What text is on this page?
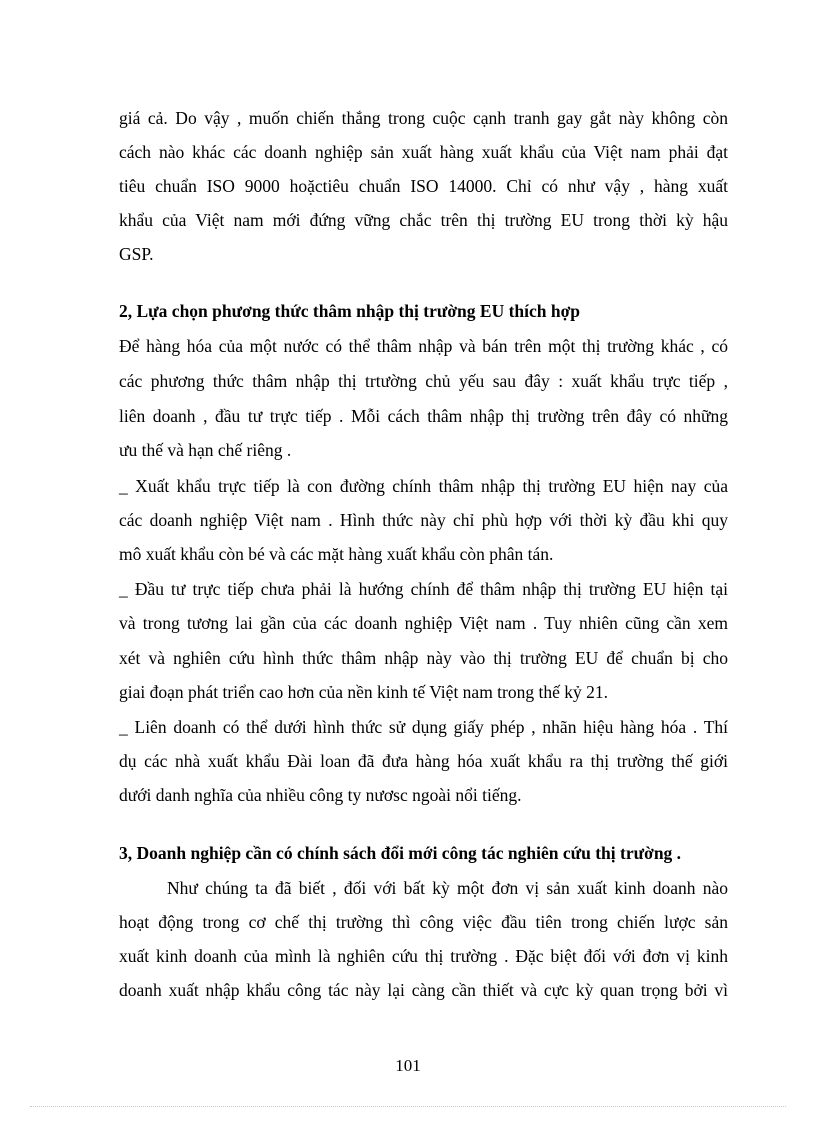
giá cả. Do vậy , muốn chiến thắng trong cuộc cạnh tranh gay gắt này không còn
cách nào khác các doanh nghiệp sản xuất hàng xuất khẩu của Việt nam phải đạt
tiêu chuẩn ISO 9000 hoặctiêu chuẩn ISO 14000. Chỉ có như vậy , hàng xuất
khẩu của Việt nam mới đứng vững chắc trên thị trường EU trong thời kỳ hậu
GSP.
2, Lựa chọn phương thức thâm nhập thị trường EU thích hợp
Để hàng hóa của một nước có thể thâm nhập và bán trên một thị trường khác , có
các phương thức thâm nhập thị trtường chủ yếu sau đây : xuất khẩu trực tiếp ,
liên doanh , đầu tư trực tiếp . Mỗi cách thâm nhập thị trường trên đây có những
ưu thế và hạn chế riêng .
_ Xuất khẩu trực tiếp là con đường chính thâm nhập thị trường EU hiện nay của
các doanh nghiệp Việt nam . Hình thức này chỉ phù hợp với thời kỳ đầu khi quy
mô xuất khẩu còn bé và các mặt hàng xuất khẩu còn phân tán.
_ Đầu tư trực tiếp chưa phải là hướng chính để thâm nhập thị trường EU hiện tại
và trong tương lai gần của các doanh nghiệp Việt nam . Tuy nhiên cũng cần xem
xét và nghiên cứu hình thức thâm nhập này vào thị trường EU để chuẩn bị cho
giai đoạn phát triển cao hơn của nền kinh tế Việt nam trong thế kỷ 21.
_ Liên doanh có thể dưới hình thức sử dụng giấy phép , nhãn hiệu hàng hóa . Thí
dụ các nhà xuất khẩu Đài loan đã đưa hàng hóa xuất khẩu ra thị trường thế giới
dưới danh nghĩa của nhiều công ty nươsc ngoài nổi tiếng.
3, Doanh nghiệp cần có chính sách đổi mới công tác nghiên cứu thị trường .
Như chúng ta đã biết , đối với bất kỳ một đơn vị sản xuất kinh doanh nào
hoạt động trong cơ chế thị trường thì công việc đầu tiên trong chiến lược sản
xuất kinh doanh của mình là nghiên cứu thị trường . Đặc biệt đối với đơn vị kinh
doanh xuất nhập khẩu công tác này lại càng cần thiết và cực kỳ quan trọng bởi vì
101
